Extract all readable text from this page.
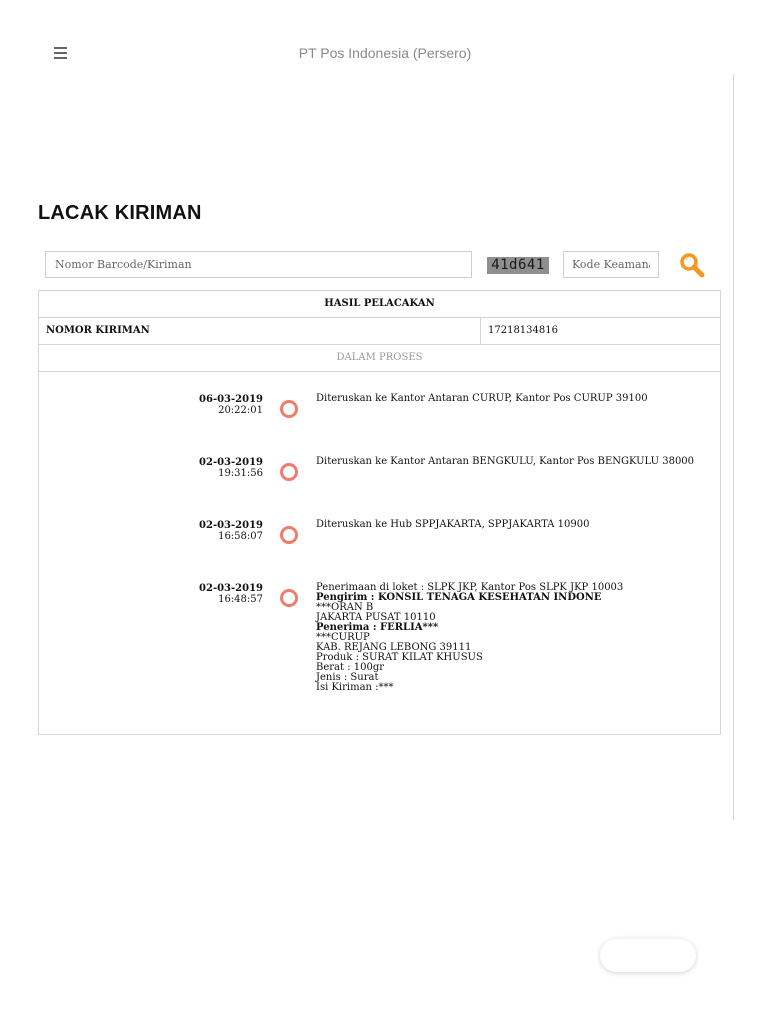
PT Pos Indonesia (Persero)
LACAK KIRIMAN
Nomor Barcode/Kiriman
41d641
Kode Keamanan
HASIL PELACAKAN
NOMOR KIRIMAN	17218134816
DALAM PROSES
06-03-2019
20:22:01
Diteruskan ke Kantor Antaran CURUP, Kantor Pos CURUP 39100
02-03-2019
19:31:56
Diteruskan ke Kantor Antaran BENGKULU, Kantor Pos BENGKULU 38000
02-03-2019
16:58:07
Diteruskan ke Hub SPPJAKARTA, SPPJAKARTA 10900
02-03-2019
16:48:57
Penerimaan di loket : SLPK JKP, Kantor Pos SLPK JKP 10003
Pengirim : KONSIL TENAGA KESEHATAN INDONE
***ORAN B
JAKARTA PUSAT 10110
Penerima : FERLIA***
***CURUP
KAB. REJANG LEBONG 39111
Produk : SURAT KILAT KHUSUS
Berat : 100gr
Jenis : Surat
Isi Kiriman :***
